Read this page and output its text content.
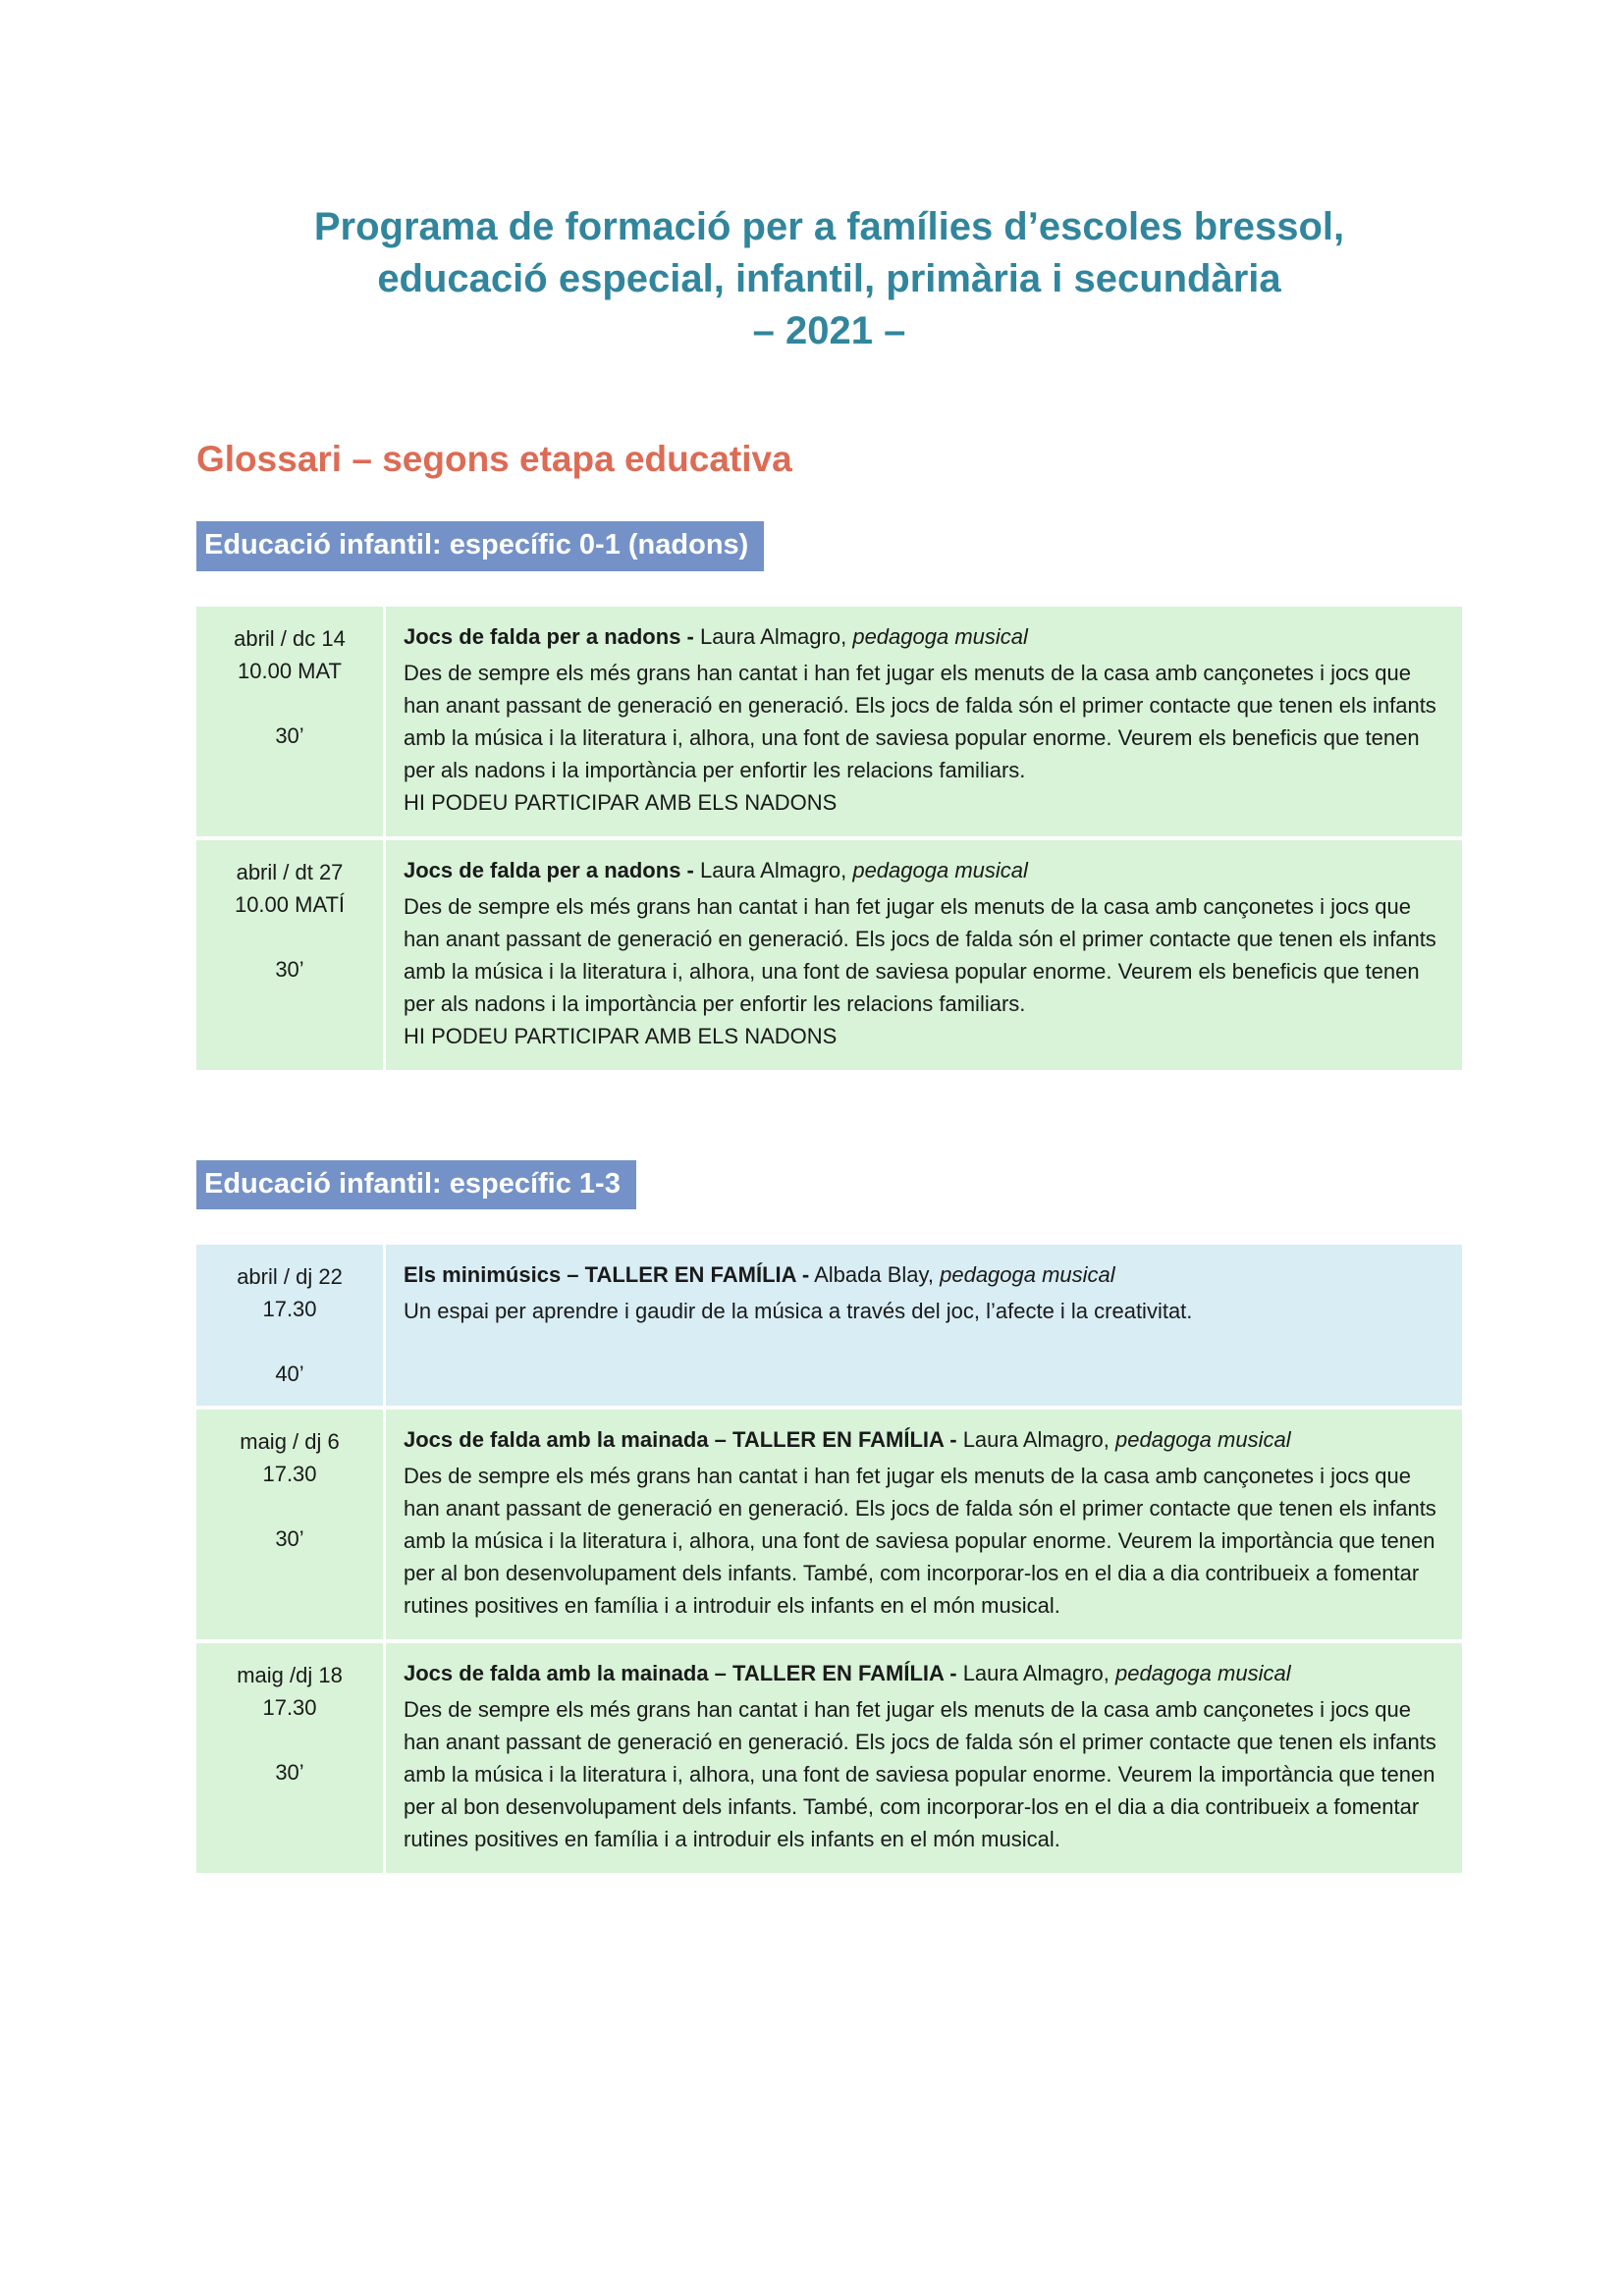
Programa de formació per a famílies d’escoles bressol,
educació especial, infantil, primària i secundària
– 2021 –
Glossari – segons etapa educativa
Educació infantil: específic 0-1 (nadons)
abril / dc 14
10.00 MAT
30’

Jocs de falda per a nadons - Laura Almagro, pedagoga musical

Des de sempre els més grans han cantat i han fet jugar els menuts de la casa amb cançonetes i jocs que han anant passant de generació en generació. Els jocs de falda són el primer contacte que tenen els infants amb la música i la literatura i, alhora, una font de saviesa popular enorme. Veurem els beneficis que tenen per als nadons i la importància per enfortir les relacions familiars.

HI PODEU PARTICIPAR AMB ELS NADONS

abril / dt 27
10.00 MATÍ
30’

Jocs de falda per a nadons - Laura Almagro, pedagoga musical

Des de sempre els més grans han cantat i han fet jugar els menuts de la casa amb cançonetes i jocs que han anant passant de generació en generació. Els jocs de falda són el primer contacte que tenen els infants amb la música i la literatura i, alhora, una font de saviesa popular enorme. Veurem els beneficis que tenen per als nadons i la importància per enfortir les relacions familiars.

HI PODEU PARTICIPAR AMB ELS NADONS

Educació infantil: específic 1-3
abril / dj 22
17.30
40’

Els minimúsics – TALLER EN FAMÍLIA - Albada Blay, pedagoga musical

Un espai per aprendre i gaudir de la música a través del joc, l’afecte i la creativitat.

maig / dj 6
17.30
30’

Jocs de falda amb la mainada – TALLER EN FAMÍLIA - Laura Almagro, pedagoga musical

Des de sempre els més grans han cantat i han fet jugar els menuts de la casa amb cançonetes i jocs que han anant passant de generació en generació. Els jocs de falda són el primer contacte que tenen els infants amb la música i la literatura i, alhora, una font de saviesa popular enorme. Veurem la importància que tenen per al bon desenvolupament dels infants. També, com incorporar-los en el dia a dia contribueix a fomentar rutines positives en família i a introduir els infants en el món musical.

maig /dj 18
17.30
30’

Jocs de falda amb la mainada – TALLER EN FAMÍLIA - Laura Almagro, pedagoga musical

Des de sempre els més grans han cantat i han fet jugar els menuts de la casa amb cançonetes i jocs que han anant passant de generació en generació. Els jocs de falda són el primer contacte que tenen els infants amb la música i la literatura i, alhora, una font de saviesa popular enorme. Veurem la importància que tenen per al bon desenvolupament dels infants. També, com incorporar-los en el dia a dia contribueix a fomentar rutines positives en família i a introduir els infants en el món musical.
